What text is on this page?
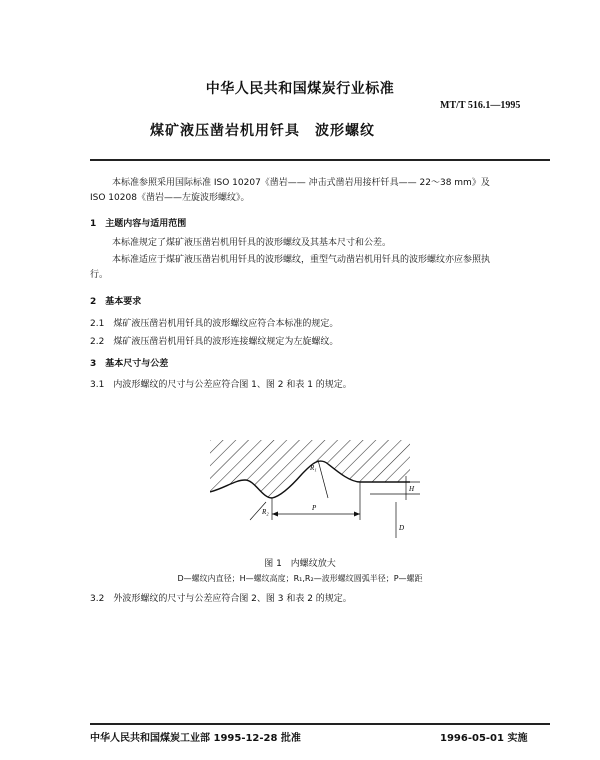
中华人民共和国煤炭行业标准
MT/T 516.1—1995
煤矿液压凿岩机用钎具　波形螺纹
本标准参照采用国际标准 ISO 10207《凿岩—— 冲击式凿岩用接杆钎具—— 22～38 mm》及
ISO 10208《凿岩——左旋波形螺纹》。
1　主题内容与适用范围
本标准规定了煤矿液压凿岩机用钎具的波形螺纹及其基本尺寸和公差。
本标准适应于煤矿液压凿岩机用钎具的波形螺纹，重型气动凿岩机用钎具的波形螺纹亦应参照执
行。
2　基本要求
2.1　煤矿液压凿岩机用钎具的波形螺纹应符合本标准的规定。
2.2　煤矿液压凿岩机用钎具的波形连接螺纹规定为左旋螺纹。
3　基本尺寸与公差
3.1　内波形螺纹的尺寸与公差应符合图 1、图 2 和表 1 的规定。
R₁
R₂	P
H
D
图 1　内螺纹放大
D—螺纹内直径；H—螺纹高度；R₁,R₂—波形螺纹圆弧半径；P—螺距
3.2　外波形螺纹的尺寸与公差应符合图 2、图 3 和表 2 的规定。
中华人民共和国煤炭工业部 1995-12-28 批准	1996-05-01 实施
